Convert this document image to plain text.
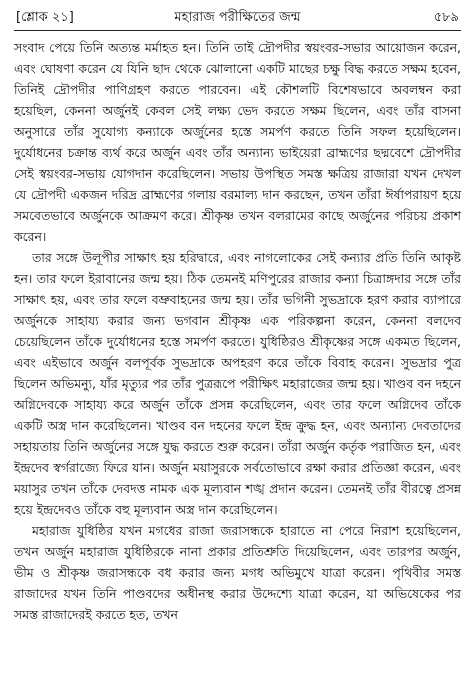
[শ্লোক ২১]	মহারাজ পরীক্ষিতের জন্ম	৫৮৯

সংবাদ পেয়ে তিনি অত্যন্ত মর্মাহত হন। তিনি তাই দ্রৌপদীর স্বয়ংবর-সভার আয়োজন করেন, এবং ঘোষণা করেন যে যিনি ছাদ থেকে ঝোলানো একটি মাছের চক্ষু বিদ্ধ করতে সক্ষম হবেন, তিনিই দ্রৌপদীর পাণিগ্রহণ করতে পারবেন। এই কৌশলটি বিশেষভাবে অবলম্বন করা হয়েছিল, কেননা অর্জুনই কেবল সেই লক্ষ্য ভেদ করতে সক্ষম ছিলেন, এবং তাঁর বাসনা অনুসারে তাঁর সুযোগ্য কন্যাকে অর্জুনের হস্তে সমর্পণ করতে তিনি সফল হয়েছিলেন। দুর্যোধনের চক্রান্ত ব্যর্থ করে অর্জুন এবং তাঁর অন্যান্য ভাইয়েরা ব্রাহ্মণের ছদ্মবেশে দ্রৌপদীর সেই স্বয়ংবর-সভায় যোগদান করেছিলেন। সভায় উপস্থিত সমস্ত ক্ষত্রিয় রাজারা যখন দেখল যে দ্রৌপদী একজন দরিদ্র ব্রাহ্মণের গলায় বরমাল্য দান করছেন, তখন তাঁরা ঈর্ষাপরায়ণ হয়ে সমবেতভাবে অর্জুনকে আক্রমণ করে। শ্রীকৃষ্ণ তখন বলরামের কাছে অর্জুনের পরিচয় প্রকাশ করেন।

তার সঙ্গে উলূপীর সাক্ষাৎ হয় হরিদ্বারে, এবং নাগলোকের সেই কন্যার প্রতি তিনি আকৃষ্ট হন। তার ফলে ইরাবানের জন্ম হয়। ঠিক তেমনই মণিপুরের রাজার কন্যা চিত্রাঙ্গদার সঙ্গে তাঁর সাক্ষাৎ হয়, এবং তার ফলে বভ্রুবাহনের জন্ম হয়। তাঁর ভগিনী সুভদ্রাকে হরণ করার ব্যাপারে অর্জুনকে সাহায্য করার জন্য ভগবান শ্রীকৃষ্ণ এক পরিকল্পনা করেন, কেননা বলদেব চেয়েছিলেন তাঁকে দুর্যোধনের হস্তে সমর্পণ করতে। যুধিষ্ঠিরও শ্রীকৃষ্ণের সঙ্গে একমত ছিলেন, এবং এইভাবে অর্জুন বলপূর্বক সুভদ্রাকে অপহরণ করে তাঁকে বিবাহ করেন। সুভদ্রার পুত্র ছিলেন অভিমন্যু, যাঁর মৃত্যুর পর তাঁর পুত্ররূপে পরীক্ষিৎ মহারাজের জন্ম হয়। খাণ্ডব বন দহনে অগ্নিদেবকে সাহায্য করে অর্জুন তাঁকে প্রসন্ন করেছিলেন, এবং তার ফলে অগ্নিদেব তাঁকে একটি অস্ত্র দান করেছিলেন। খাণ্ডব বন দহনের ফলে ইন্দ্র ক্রুদ্ধ হন, এবং অন্যান্য দেবতাদের সহায়তায় তিনি অর্জুনের সঙ্গে যুদ্ধ করতে শুরু করেন। তাঁরা অর্জুন কর্তৃক পরাজিত হন, এবং ইন্দ্রদেব স্বর্গরাজ্যে ফিরে যান। অর্জুন ময়াসুরকে সর্বতোভাবে রক্ষা করার প্রতিজ্ঞা করেন, এবং ময়াসুর তখন তাঁকে দেবদত্ত নামক এক মূল্যবান শঙ্খ প্রদান করেন। তেমনই তাঁর বীরত্বে প্রসন্ন হয়ে ইন্দ্রদেবও তাঁকে বহু মূল্যবান অস্ত্র দান করেছিলেন।

মহারাজ যুধিষ্ঠির যখন মগধের রাজা জরাসন্ধকে হারাতে না পেরে নিরাশ হয়েছিলেন, তখন অর্জুন মহারাজ যুধিষ্ঠিরকে নানা প্রকার প্রতিশ্রুতি দিয়েছিলেন, এবং তারপর অর্জুন, ভীম ও শ্রীকৃষ্ণ জরাসন্ধকে বধ করার জন্য মগধ অভিমুখে যাত্রা করেন। পৃথিবীর সমস্ত রাজাদের যখন তিনি পাণ্ডবদের অধীনস্থ করার উদ্দেশ্যে যাত্রা করেন, যা অভিষেকের পর সমস্ত রাজাদেরই করতে হত, তখন
